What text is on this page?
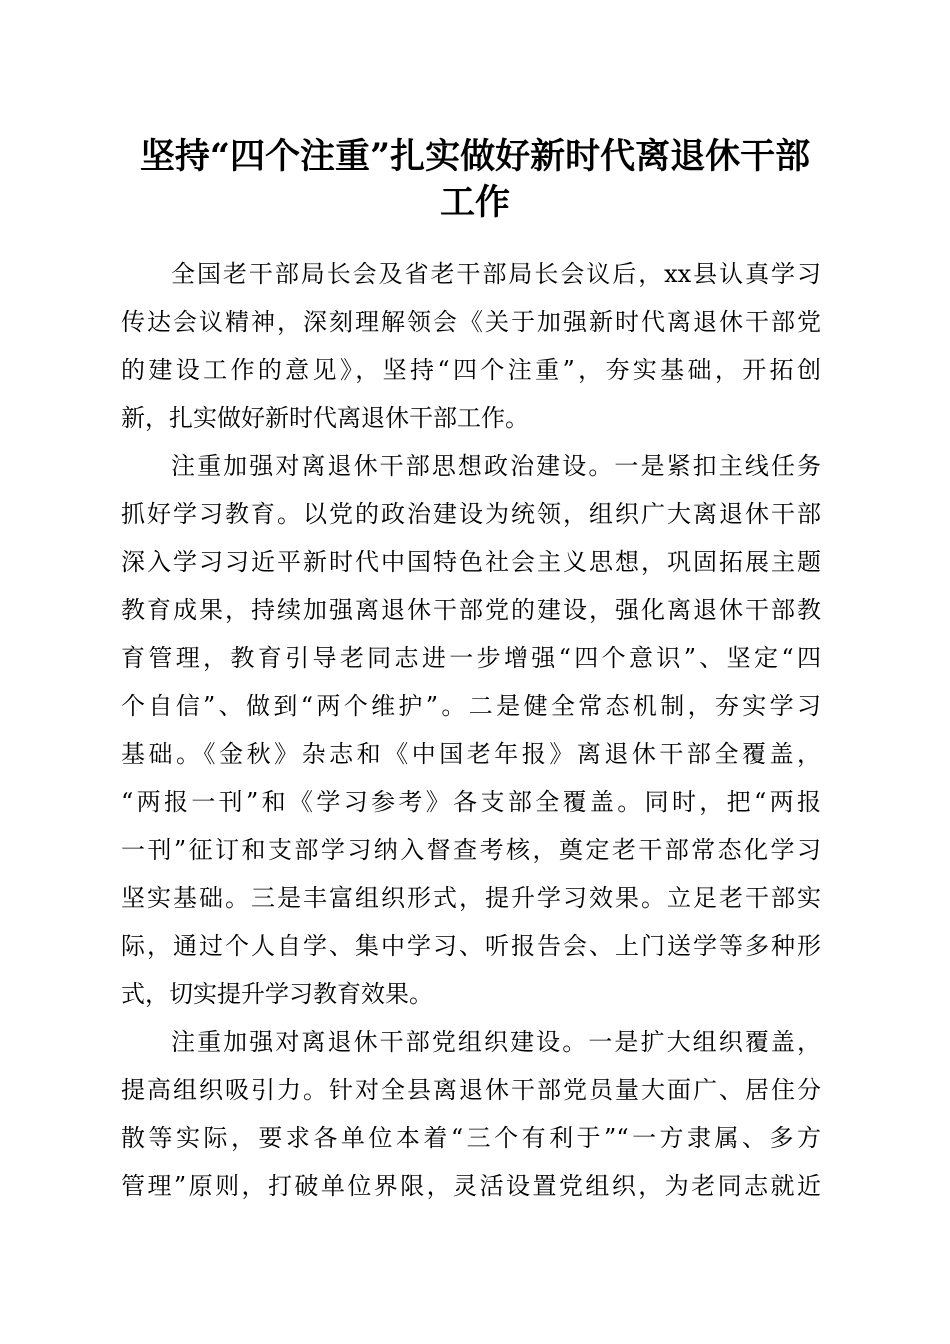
坚持“四个注重”扎实做好新时代离退休干部
工作

全国老干部局长会及省老干部局长会议后，xx县认真学习
传达会议精神，深刻理解领会《关于加强新时代离退休干部党
的建设工作的意见》，坚持“四个注重”，夯实基础，开拓创
新，扎实做好新时代离退休干部工作。

注重加强对离退休干部思想政治建设。一是紧扣主线任务
抓好学习教育。以党的政治建设为统领，组织广大离退休干部
深入学习习近平新时代中国特色社会主义思想，巩固拓展主题
教育成果，持续加强离退休干部党的建设，强化离退休干部教
育管理，教育引导老同志进一步增强“四个意识”、坚定“四
个自信”、做到“两个维护”。二是健全常态机制，夯实学习
基础。《金秋》杂志和《中国老年报》离退休干部全覆盖，
“两报一刊”和《学习参考》各支部全覆盖。同时，把“两报
一刊”征订和支部学习纳入督查考核，奠定老干部常态化学习
坚实基础。三是丰富组织形式，提升学习效果。立足老干部实
际，通过个人自学、集中学习、听报告会、上门送学等多种形
式，切实提升学习教育效果。

注重加强对离退休干部党组织建设。一是扩大组织覆盖，
提高组织吸引力。针对全县离退休干部党员量大面广、居住分
散等实际，要求各单位本着“三个有利于”“一方隶属、多方
管理”原则，打破单位界限，灵活设置党组织，为老同志就近
